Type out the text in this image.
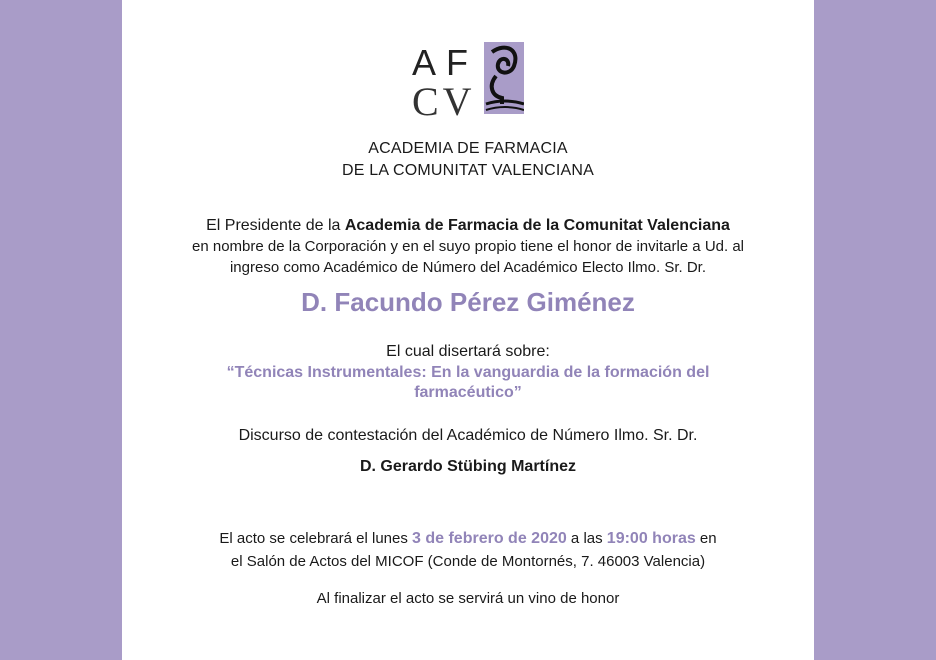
AF
CV
ACADEMIA DE FARMACIA
DE LA COMUNITAT VALENCIANA
El Presidente de la Academia de Farmacia de la Comunitat Valenciana
en nombre de la Corporación y en el suyo propio tiene el honor de invitarle a Ud. al
ingreso como Académico de Número del Académico Electo Ilmo. Sr. Dr.
D. Facundo Pérez Giménez
El cual disertará sobre:
“Técnicas Instrumentales: En la vanguardia de la formación del farmacéutico”
Discurso de contestación del Académico de Número Ilmo. Sr. Dr.
D. Gerardo Stübing Martínez
El acto se celebrará el lunes 3 de febrero de 2020 a las 19:00 horas en
el Salón de Actos del MICOF (Conde de Montornés, 7. 46003 Valencia)
Al finalizar el acto se servirá un vino de honor
